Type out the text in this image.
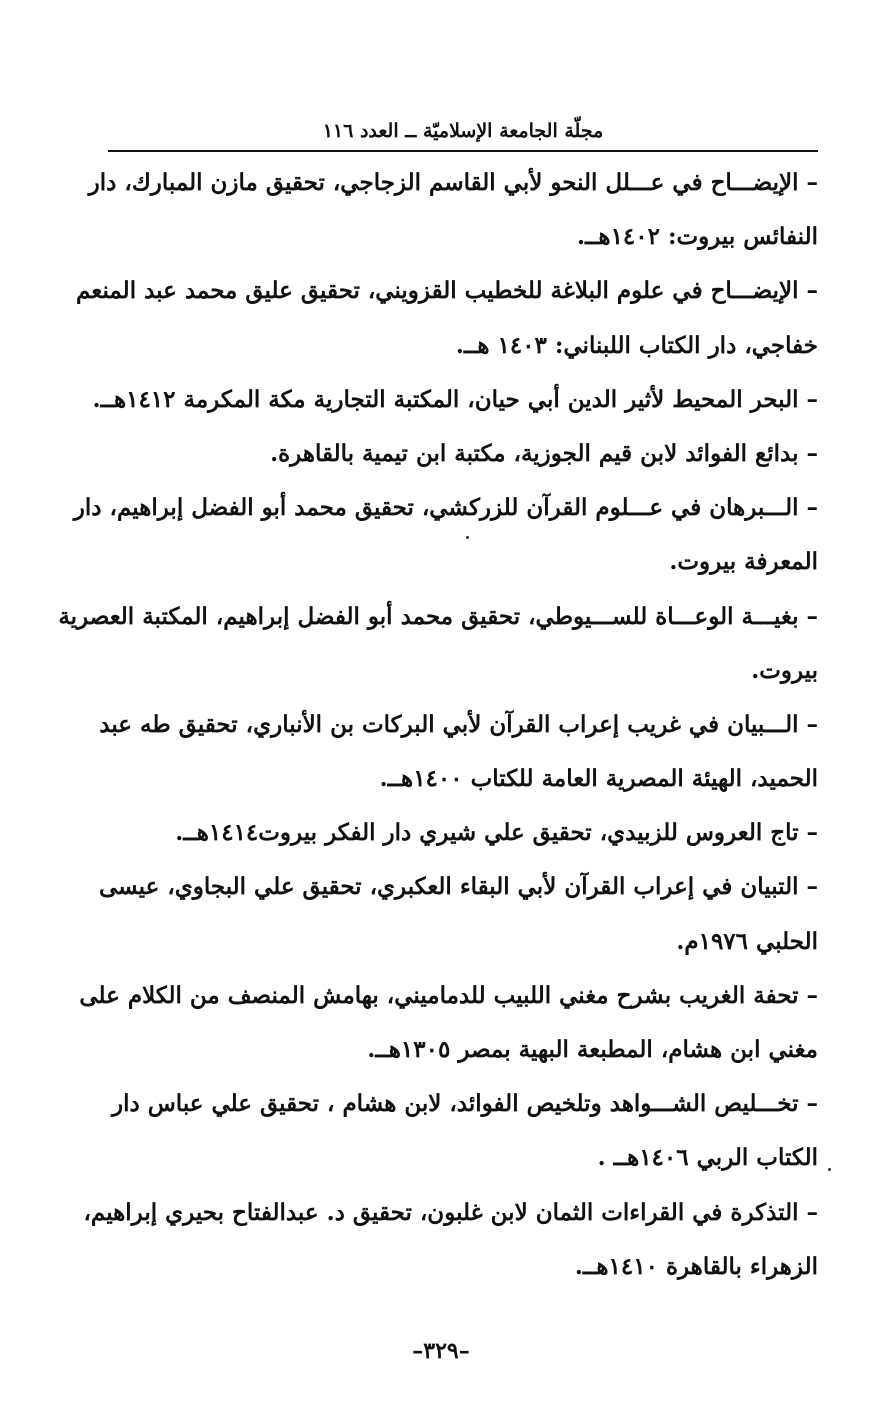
مجلّة الجامعة الإسلاميّة ــ العدد ١١٦
– الإيضـــاح في عـــلل النحو لأبي القاسم الزجاجي، تحقيق مازن المبارك، دار
النفائس بيروت: ١٤٠٢هــ.
– الإيضـــاح في علوم البلاغة للخطيب القزويني، تحقيق عليق محمد عبد المنعم
خفاجي، دار الكتاب اللبناني: ١٤٠٣ هــ.
– البحر المحيط لأثير الدين أبي حيان، المكتبة التجارية مكة المكرمة ١٤١٢هــ.
– بدائع الفوائد لابن قيم الجوزية، مكتبة ابن تيمية بالقاهرة.
– الـــبرهان في عـــلوم القرآن للزركشي، تحقيق محمد أبو الفضل إبراهيم، دار
المعرفة بيروت.
– بغيـــة الوعـــاة للســـيوطي، تحقيق محمد أبو الفضل إبراهيم، المكتبة العصرية
بيروت.
– الـــبيان في غريب إعراب القرآن لأبي البركات بن الأنباري، تحقيق طه عبد
الحميد، الهيئة المصرية العامة للكتاب ١٤٠٠هــ.
– تاج العروس للزبيدي، تحقيق علي شيري دار الفكر بيروت١٤١٤هــ.
– التبيان في إعراب القرآن لأبي البقاء العكبري، تحقيق علي البجاوي، عيسى
الحلبي ١٩٧٦م.
– تحفة الغريب بشرح مغني اللبيب للدماميني، بهامش المنصف من الكلام على
مغني ابن هشام، المطبعة البهية بمصر ١٣٠٥هــ.
– تخـــليص الشـــواهد وتلخيص الفوائد، لابن هشام ، تحقيق علي عباس دار
الكتاب الربي ١٤٠٦هــ .
– التذكرة في القراءات الثمان لابن غلبون، تحقيق د. عبدالفتاح بحيري إبراهيم،
الزهراء بالقاهرة ١٤١٠هــ.
–٣٢٩–
